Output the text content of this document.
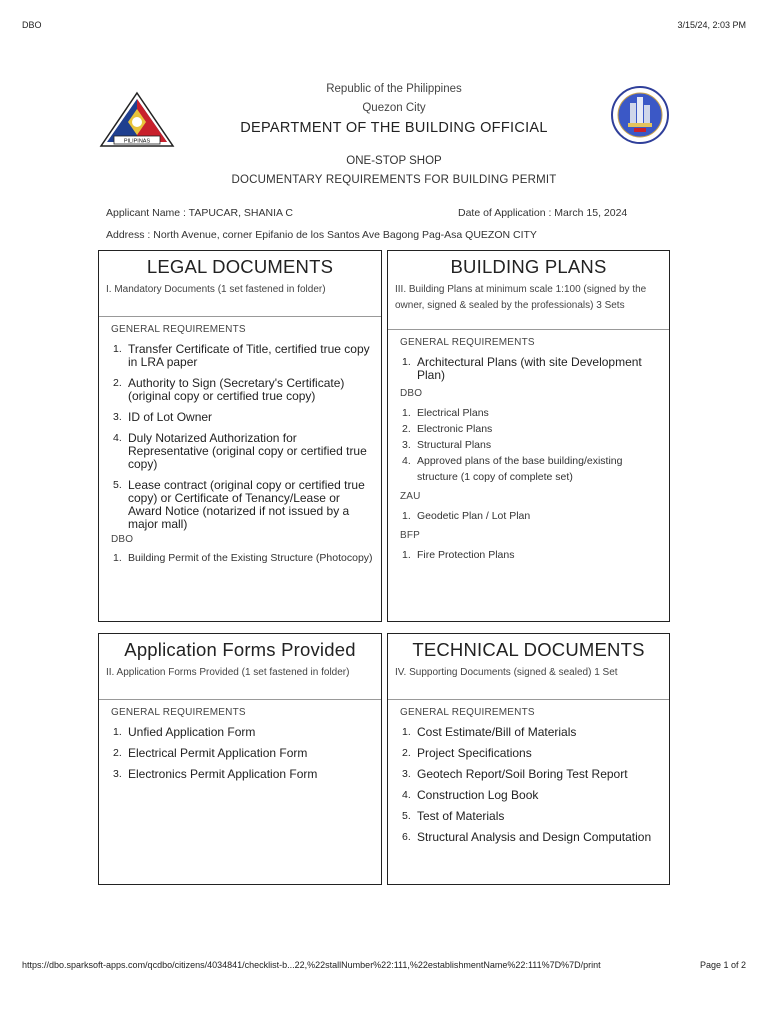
DBO	3/15/24, 2:03 PM
https://dbo.sparksoft-apps.com/qcdbo/citizens/4034841/checklist-b...22,%22stallNumber%22:111,%22establishmentName%22:111%7D%7D/print	Page 1 of 2
PILIPINAS
Republic of the Philippines
Quezon City
DEPARTMENT OF THE BUILDING OFFICIAL
ONE-STOP SHOP
DOCUMENTARY REQUIREMENTS FOR BUILDING PERMIT
Applicant Name : TAPUCAR, SHANIA C	Date of Application : March 15, 2024
Address : North Avenue, corner Epifanio de los Santos Ave Bagong Pag-Asa QUEZON CITY
LEGAL DOCUMENTS
I. Mandatory Documents (1 set fastened in folder)
GENERAL REQUIREMENTS
1. Transfer Certificate of Title, certified true copy in LRA paper
2. Authority to Sign (Secretary's Certificate) (original copy or certified true copy)
3. ID of Lot Owner
4. Duly Notarized Authorization for Representative (original copy or certified true copy)
5. Lease contract (original copy or certified true copy) or Certificate of Tenancy/Lease or Award Notice (notarized if not issued by a major mall)
DBO
1. Building Permit of the Existing Structure (Photocopy)
BUILDING PLANS
III. Building Plans at minimum scale 1:100 (signed by the owner, signed & sealed by the professionals) 3 Sets
GENERAL REQUIREMENTS
1. Architectural Plans (with site Development Plan)
DBO
1. Electrical Plans
2. Electronic Plans
3. Structural Plans
4. Approved plans of the base building/existing structure (1 copy of complete set)
ZAU
1. Geodetic Plan / Lot Plan
BFP
1. Fire Protection Plans
Application Forms Provided
II. Application Forms Provided (1 set fastened in folder)
GENERAL REQUIREMENTS
1. Unfied Application Form
2. Electrical Permit Application Form
3. Electronics Permit Application Form
TECHNICAL DOCUMENTS
IV. Supporting Documents (signed & sealed) 1 Set
GENERAL REQUIREMENTS
1. Cost Estimate/Bill of Materials
2. Project Specifications
3. Geotech Report/Soil Boring Test Report
4. Construction Log Book
5. Test of Materials
6. Structural Analysis and Design Computation
